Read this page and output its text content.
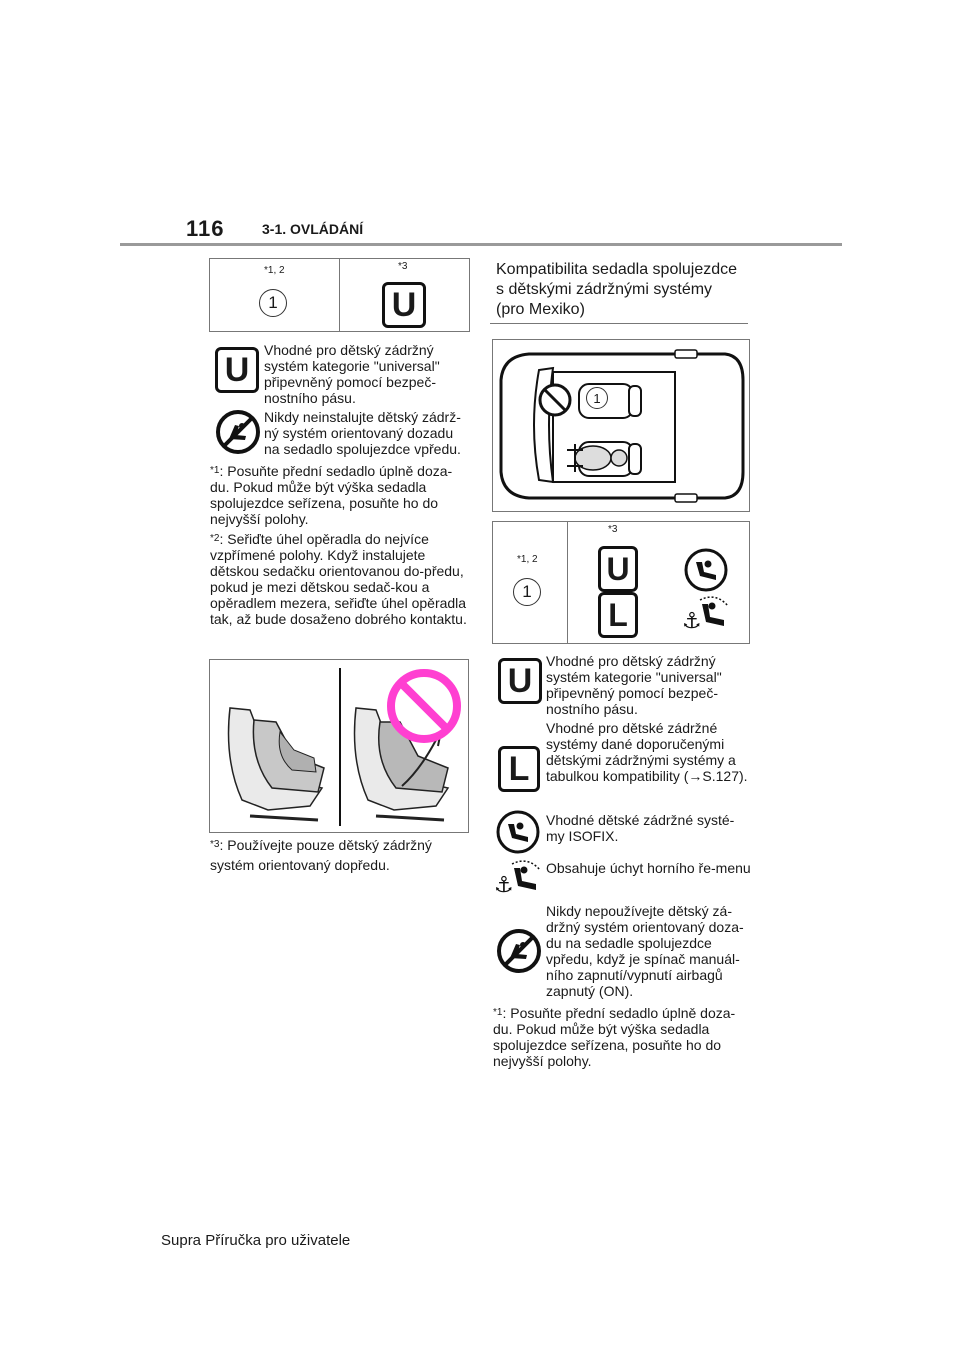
116	3-1. OVLÁDÁNÍ
*1, 2
1
*3
U
U
Vhodné pro dětský zádržný systém kategorie "universal" připevněný pomocí bezpeč-nostního pásu.
Nikdy neinstalujte dětský zádrž-ný systém orientovaný dozadu na sedadlo spolujezdce vpředu.
$^{*1}$: Posuňte přední sedadlo úplně doza-du. Pokud může být výška sedadla spolujezdce seřízena, posuňte ho do nejvyšší polohy.
$^{*2}$: Seřiďte úhel opěradla do nejvíce vzpřímené polohy. Když instalujete dětskou sedačku orientovanou do-předu, pokud je mezi dětskou sedač-kou a opěradlem mezera, seřiďte úhel opěradla tak, až bude dosaženo dobrého kontaktu.
$^{*3}$: Používejte pouze dětský zádržný systém orientovaný dopředu.
Kompatibilita sedadla spolujezdce s dětskými zádržnými systémy (pro Mexiko)
1
*1, 2
1
*3
U
L	⚓
U
Vhodné pro dětský zádržný systém kategorie "universal" připevněný pomocí bezpeč-nostního pásu.
L
Vhodné pro dětské zádržné systémy dané doporučenými dětskými zádržnými systémy a tabulkou kompatibility (→S.127).
Vhodné dětské zádržné systé-my ISOFIX.
⚓
Obsahuje úchyt horního ře-menu
Nikdy nepoužívejte dětský zá-držný systém orientovaný doza-du na sedadle spolujezdce vpředu, když je spínač manuál-ního zapnutí/vypnutí airbagů zapnutý (ON).
$^{*1}$: Posuňte přední sedadlo úplně doza-du. Pokud může být výška sedadla spolujezdce seřízena, posuňte ho do nejvyšší polohy.
Supra Příručka pro uživatele
